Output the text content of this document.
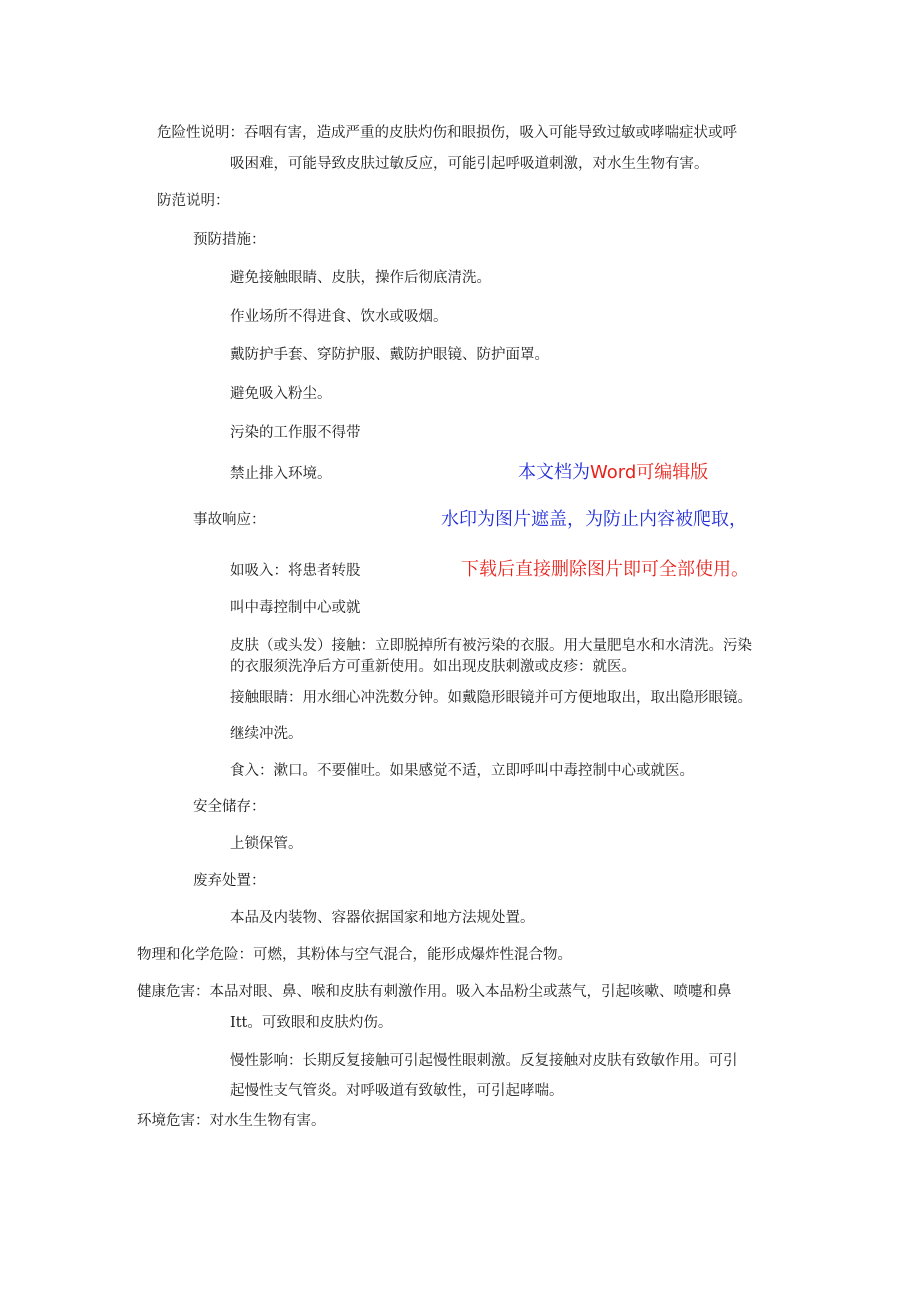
危险性说明：吞咽有害，造成严重的皮肤灼伤和眼损伤，吸入可能导致过敏或哮喘症状或呼
吸困难，可能导致皮肤过敏反应，可能引起呼吸道刺激，对水生生物有害。
防范说明：
预防措施：
避免接触眼睛、皮肤，操作后彻底清洗。
作业场所不得进食、饮水或吸烟。
戴防护手套、穿防护服、戴防护眼镜、防护面罩。
避免吸入粉尘。
污染的工作服不得带
禁止排入环境。
事故响应：
如吸入：将患者转股
叫中毒控制中心或就
皮肤（或头发）接触：立即脱掉所有被污染的衣服。用大量肥皂水和水清洗。污染
的衣服须洗净后方可重新使用。如出现皮肤刺激或皮疹：就医。
接触眼睛：用水细心冲洗数分钟。如戴隐形眼镜并可方便地取出，取出隐形眼镜。
继续冲洗。
食入：漱口。不要催吐。如果感觉不适，立即呼叫中毒控制中心或就医。
安全储存：
上锁保管。
废弃处置：
本品及内装物、容器依据国家和地方法规处置。
物理和化学危险：可燃，其粉体与空气混合，能形成爆炸性混合物。
健康危害：本品对眼、鼻、喉和皮肤有刺激作用。吸入本品粉尘或蒸气，引起咳嗽、喷嚏和鼻
Itt。可致眼和皮肤灼伤。
慢性影响：长期反复接触可引起慢性眼刺激。反复接触对皮肤有致敏作用。可引
起慢性支气管炎。对呼吸道有致敏性，可引起哮喘。
环境危害：对水生生物有害。
本文档为Word可编辑版
水印为图片遮盖，为防止内容被爬取，
下载后直接删除图片即可全部使用。
